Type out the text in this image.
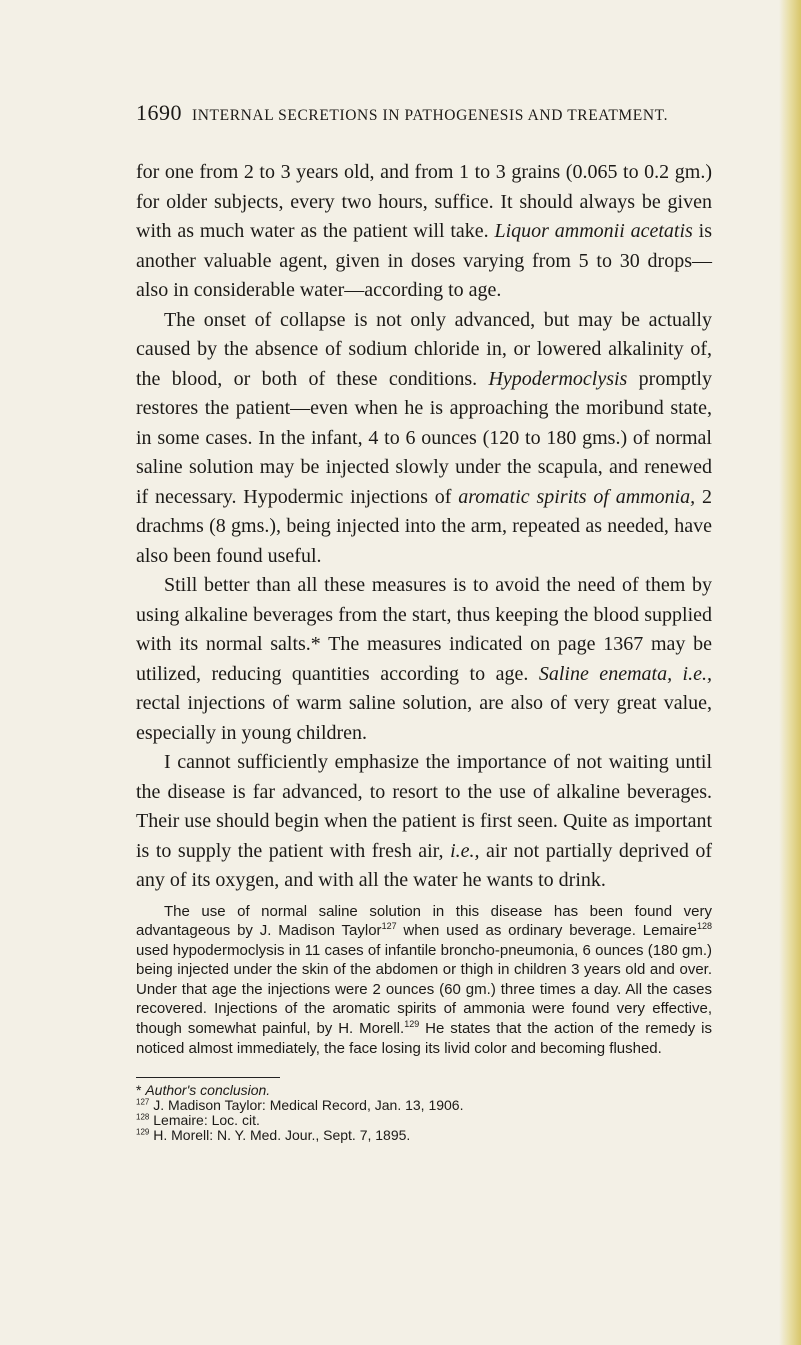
1690 INTERNAL SECRETIONS IN PATHOGENESIS AND TREATMENT.

for one from 2 to 3 years old, and from 1 to 3 grains (0.065 to 0.2 gm.) for older subjects, every two hours, suffice. It should always be given with as much water as the patient will take. Liquor ammonii acetatis is another valuable agent, given in doses varying from 5 to 30 drops—also in considerable water—according to age.

The onset of collapse is not only advanced, but may be actually caused by the absence of sodium chloride in, or lowered alkalinity of, the blood, or both of these conditions. Hypodermoclysis promptly restores the patient—even when he is approaching the moribund state, in some cases. In the infant, 4 to 6 ounces (120 to 180 gms.) of normal saline solution may be injected slowly under the scapula, and renewed if necessary. Hypodermic injections of aromatic spirits of ammonia, 2 drachms (8 gms.), being injected into the arm, repeated as needed, have also been found useful.

Still better than all these measures is to avoid the need of them by using alkaline beverages from the start, thus keeping the blood supplied with its normal salts.* The measures indicated on page 1367 may be utilized, reducing quantities according to age. Saline enemata, i.e., rectal injections of warm saline solution, are also of very great value, especially in young children.

I cannot sufficiently emphasize the importance of not waiting until the disease is far advanced, to resort to the use of alkaline beverages. Their use should begin when the patient is first seen. Quite as important is to supply the patient with fresh air, i.e., air not partially deprived of any of its oxygen, and with all the water he wants to drink.

The use of normal saline solution in this disease has been found very advantageous by J. Madison Taylor$^{127}$ when used as ordinary beverage. Lemaire$^{128}$ used hypodermoclysis in 11 cases of infantile broncho-pneumonia, 6 ounces (180 gm.) being injected under the skin of the abdomen or thigh in children 3 years old and over. Under that age the injections were 2 ounces (60 gm.) three times a day. All the cases recovered. Injections of the aromatic spirits of ammonia were found very effective, though somewhat painful, by H. Morell.$^{129}$ He states that the action of the remedy is noticed almost immediately, the face losing its livid color and becoming flushed.
* Author's conclusion.
$^{127}$ J. Madison Taylor: Medical Record, Jan. 13, 1906.
$^{128}$ Lemaire: Loc. cit.
$^{129}$ H. Morell: N. Y. Med. Jour., Sept. 7, 1895.
